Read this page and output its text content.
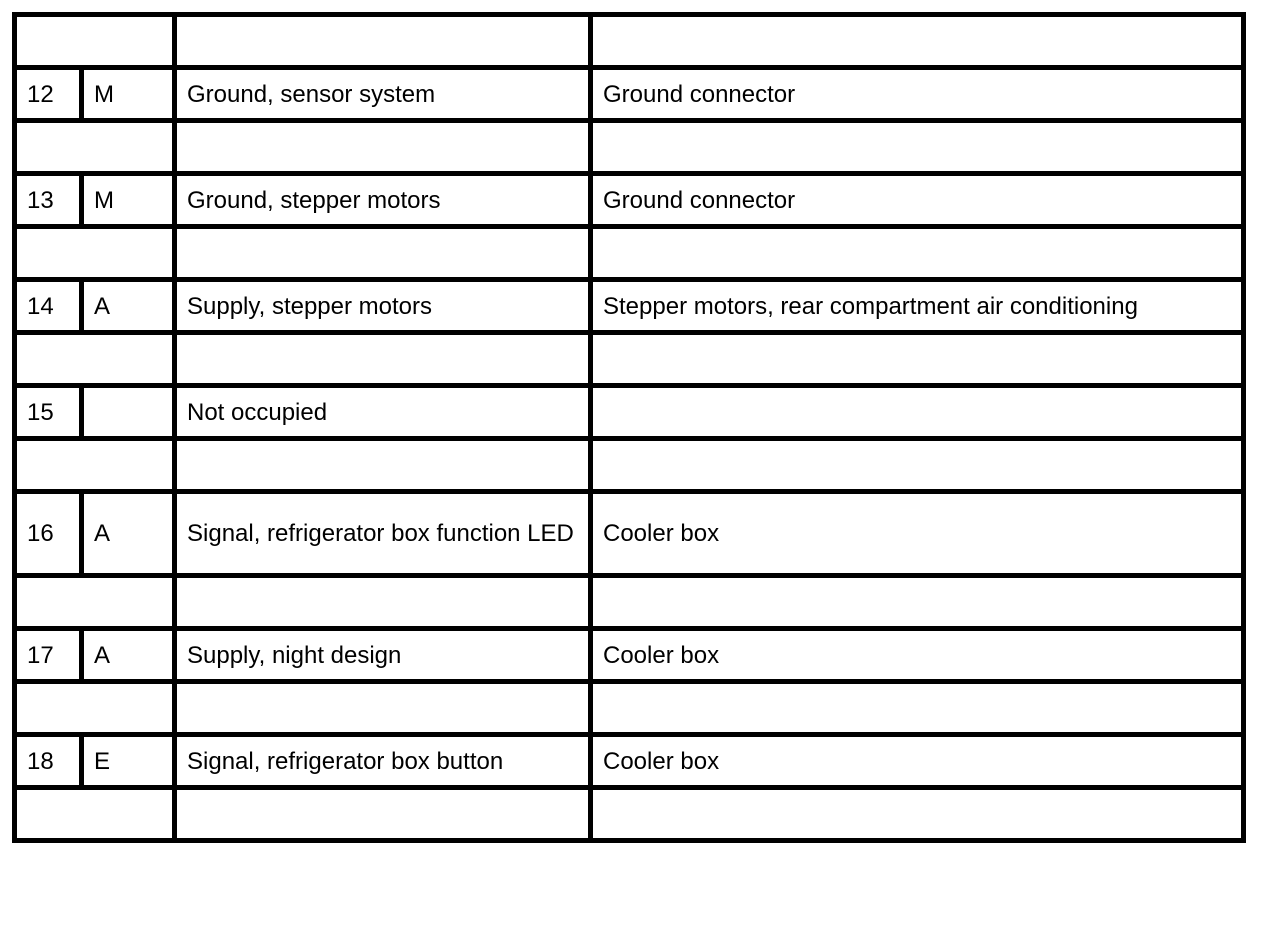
12	M	Ground, sensor system	Ground connector

13	M	Ground, stepper motors	Ground connector

14	A	Supply, stepper motors	Stepper motors, rear compartment air conditioning

15		Not occupied	

16	A	Signal, refrigerator box function LED	Cooler box

17	A	Supply, night design	Cooler box

18	E	Signal, refrigerator box button	Cooler box
